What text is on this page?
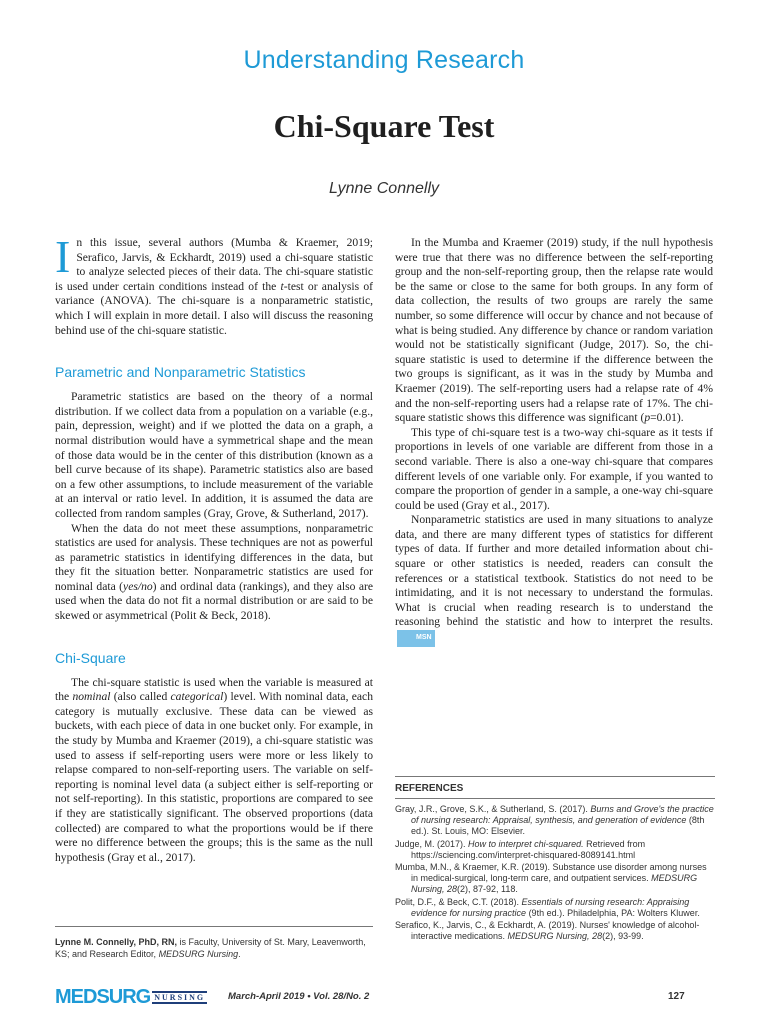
Understanding Research
Chi-Square Test
Lynne Connelly

In this issue, several authors (Mumba & Kraemer, 2019; Serafico, Jarvis, & Eckhardt, 2019) used a chi-square statistic to analyze selected pieces of their data. The chi-square statistic is used under certain conditions instead of the t-test or analysis of variance (ANOVA). The chi-square is a nonparametric statistic, which I will explain in more detail. I also will discuss the reasoning behind use of the chi-square statistic.

Parametric and Nonparametric Statistics

Parametric statistics are based on the theory of a normal distribution. If we collect data from a population on a variable (e.g., pain, depression, weight) and if we plotted the data on a graph, a normal distribution would have a symmetrical shape and the mean of those data would be in the center of this distribution (known as a bell curve because of its shape). Parametric statistics also are based on a few other assumptions, to include measurement of the variable at an interval or ratio level. In addition, it is assumed the data are collected from random samples (Gray, Grove, & Sutherland, 2017).

When the data do not meet these assumptions, nonparametric statistics are used for analysis. These techniques are not as powerful as parametric statistics in identifying differences in the data, but they fit the situation better. Nonparametric statistics are used for nominal data (yes/no) and ordinal data (rankings), and they also are used when the data do not fit a normal distribution or are said to be skewed or asymmetrical (Polit & Beck, 2018).

Chi-Square

The chi-square statistic is used when the variable is measured at the nominal (also called categorical) level. With nominal data, each category is mutually exclusive. These data can be viewed as buckets, with each piece of data in one bucket only. For example, in the study by Mumba and Kraemer (2019), a chi-square statistic was used to assess if self-reporting users were more or less likely to relapse compared to non-self-reporting users. The variable on self-reporting is nominal level data (a subject either is self-reporting or not self-reporting). In this statistic, proportions are compared to see if they are statistically significant. The observed proportions (data collected) are compared to what the proportions would be if there were no difference between the groups; this is the same as the null hypothesis (Gray et al., 2017).

In the Mumba and Kraemer (2019) study, if the null hypothesis were true that there was no difference between the self-reporting group and the non-self-reporting group, then the relapse rate would be the same or close to the same for both groups. In any form of data collection, the results of two groups are rarely the same number, so some difference will occur by chance and not because of what is being studied. Any difference by chance or random variation would not be statistically significant (Judge, 2017). So, the chi-square statistic is used to determine if the difference between the two groups is significant, as it was in the study by Mumba and Kraemer (2019). The self-reporting users had a relapse rate of 4% and the non-self-reporting users had a relapse rate of 17%. The chi-square statistic shows this difference was significant (p=0.01).

This type of chi-square test is a two-way chi-square as it tests if proportions in levels of one variable are different from those in a second variable. There is also a one-way chi-square that compares different levels of one variable only. For example, if you wanted to compare the proportion of gender in a sample, a one-way chi-square could be used (Gray et al., 2017).

Nonparametric statistics are used in many situations to analyze data, and there are many different types of statistics for different types of data. If further and more detailed information about chi-square or other statistics is needed, readers can consult the references or a statistical textbook. Statistics do not need to be intimidating, and it is not necessary to understand the formulas. What is crucial when reading research is to understand the reasoning behind the statistic and how to interpret the results. MSN

REFERENCES
Gray, J.R., Grove, S.K., & Sutherland, S. (2017). Burns and Grove's the practice of nursing research: Appraisal, synthesis, and generation of evidence (8th ed.). St. Louis, MO: Elsevier.
Judge, M. (2017). How to interpret chi-squared. Retrieved from https://sciencing.com/interpret-chisquared-8089141.html
Mumba, M.N., & Kraemer, K.R. (2019). Substance use disorder among nurses in medical-surgical, long-term care, and outpatient services. MEDSURG Nursing, 28(2), 87-92, 118.
Polit, D.F., & Beck, C.T. (2018). Essentials of nursing research: Appraising evidence for nursing practice (9th ed.). Philadelphia, PA: Wolters Kluwer.
Serafico, K., Jarvis, C., & Eckhardt, A. (2019). Nurses' knowledge of alcohol-interactive medications. MEDSURG Nursing, 28(2), 93-99.
Lynne M. Connelly, PhD, RN, is Faculty, University of St. Mary, Leavenworth, KS; and Research Editor, MEDSURG Nursing.
MEDSURG NURSING March-April 2019 • Vol. 28/No. 2	127
